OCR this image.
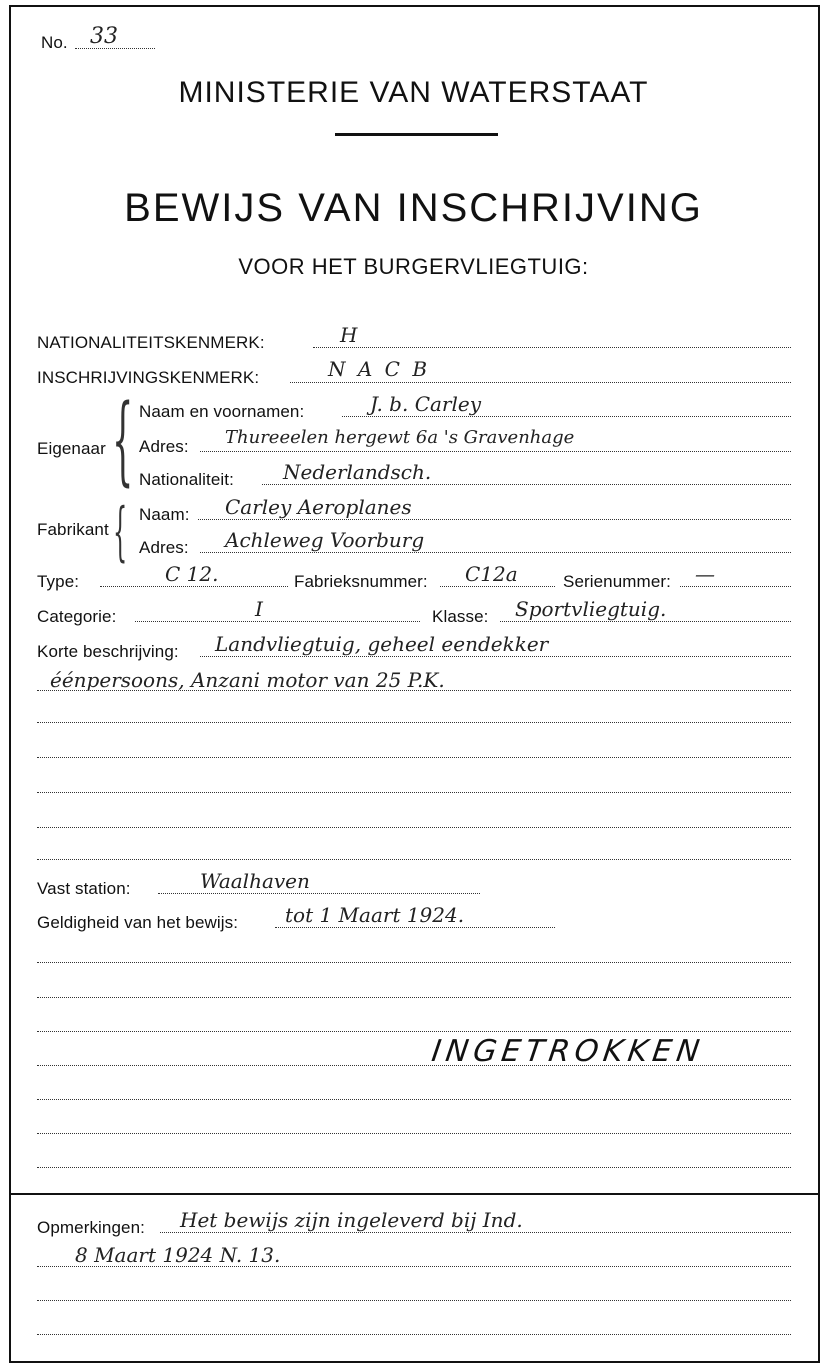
No. 33
MINISTERIE VAN WATERSTAAT
BEWIJS VAN INSCHRIJVING
VOOR HET BURGERVLIEGTUIG:
NATIONALITEITSKENMERK:	H
INSCHRIJVINGSKENMERK:	N A C B
Eigenaar { Naam en voornamen:	J. b. Carley
Adres: Thureeelen hergewt 6a 's Gravenhage
Nationaliteit: Nederlandsch.
Fabrikant { Naam: Carley Aeroplanes
Adres: Achleweg Voorburg
Type:	C 12.	Fabrieksnummer: C12a	Serienummer: —
Categorie:	I	Klasse: Sportvliegtuig.
Korte beschrijving: Landvliegtuig, geheel eendekker
éénpersoons, Anzani motor van 25 P.K.
Vast station:	Waalhaven
Geldigheid van het bewijs: tot 1 Maart 1924.
INGETROKKEN
Opmerkingen: Het bewijs zijn ingeleverd bij Ind.
8 Maart 1924 N. 13.
